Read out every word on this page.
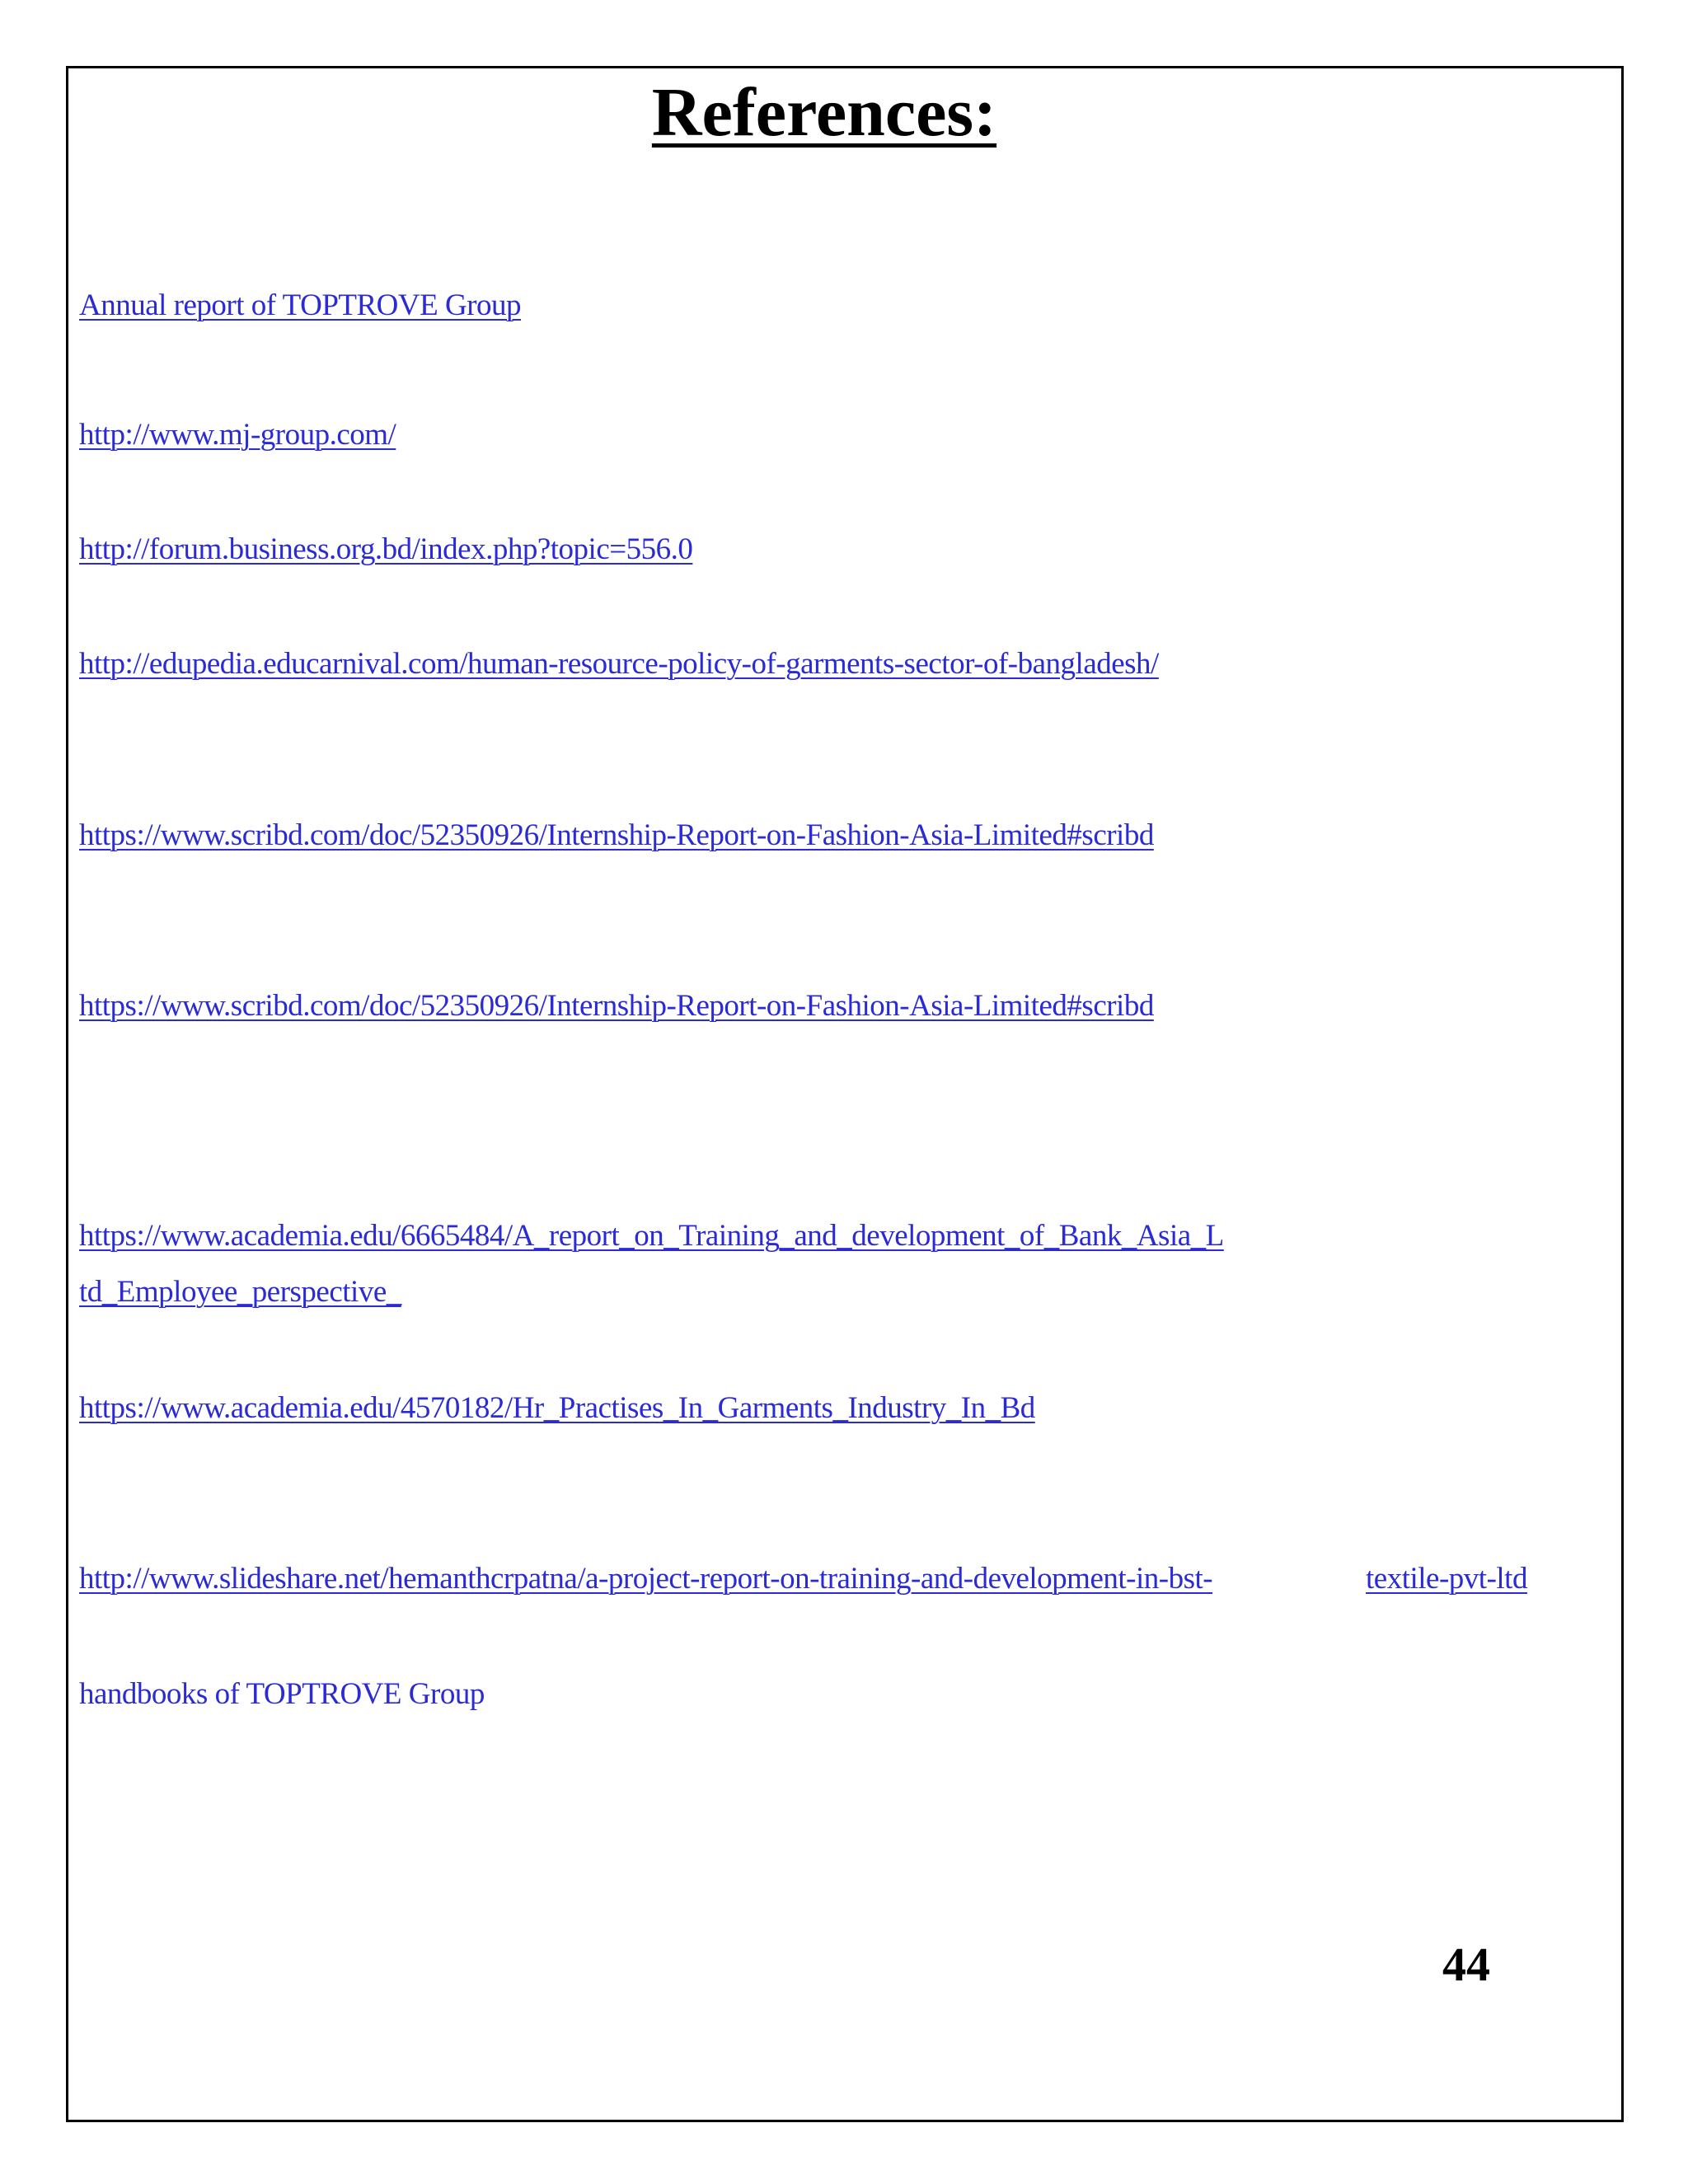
References:
Annual report of TOPTROVE Group
http://www.mj-group.com/
http://forum.business.org.bd/index.php?topic=556.0
http://edupedia.educarnival.com/human-resource-policy-of-garments-sector-of-bangladesh/
https://www.scribd.com/doc/52350926/Internship-Report-on-Fashion-Asia-Limited#scribd
https://www.scribd.com/doc/52350926/Internship-Report-on-Fashion-Asia-Limited#scribd
https://www.academia.edu/6665484/A_report_on_Training_and_development_of_Bank_Asia_L
td_Employee_perspective_
https://www.academia.edu/4570182/Hr_Practises_In_Garments_Industry_In_Bd
http://www.slideshare.net/hemanthcrpatna/a-project-report-on-training-and-development-in-bst-	textile-pvt-ltd
handbooks of TOPTROVE Group
44
